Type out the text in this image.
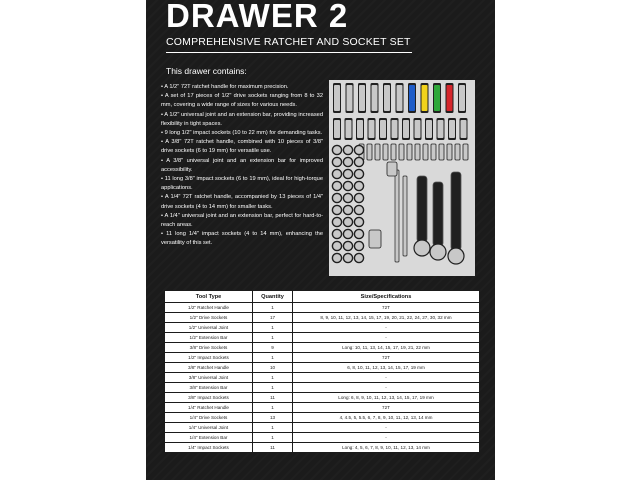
DRAWER 2
COMPREHENSIVE RATCHET AND SOCKET SET
This drawer contains:
• A 1/2" 72T ratchet handle for maximum precision.
• A set of 17 pieces of 1/2" drive sockets ranging from 8 to 32 mm, covering a wide range of sizes for various needs.
• A 1/2" universal joint and an extension bar, providing increased flexibility in tight spaces.
• 9 long 1/2" impact sockets (10 to 22 mm) for demanding tasks.
• A 3/8" 72T ratchet handle, combined with 10 pieces of 3/8" drive sockets (6 to 19 mm) for versatile use.
• A 3/8" universal joint and an extension bar for improved accessibility.
• 11 long 3/8" impact sockets (6 to 19 mm), ideal for high-torque applications.
• A 1/4" 72T ratchet handle, accompanied by 13 pieces of 1/4" drive sockets (4 to 14 mm) for smaller tasks.
• A 1/4" universal joint and an extension bar, perfect for hard-to-reach areas.
• 11 long 1/4" impact sockets (4 to 14 mm), enhancing the versatility of this set.
Tool Type	Quantity	Size/Specifications
1/2" Ratchet Handle	1	72T
1/2" Drive Sockets	17	8, 9, 10, 11, 12, 13, 14, 15, 17, 19, 20, 21, 22, 24, 27, 30, 32 mm
1/2" Universal Joint	1	-
1/2" Extension Bar	1	-
3/8" Drive Sockets	9	Long: 10, 11, 13, 14, 15, 17, 19, 21, 22 mm
1/2" Impact Sockets	1	72T
3/8" Ratchet Handle	10	6, 8, 10, 11, 12, 13, 14, 15, 17, 19 mm
3/8" Universal Joint	1	-
3/8" Extension Bar	1	-
3/8" Impact Sockets	11	Long: 6, 8, 9, 10, 11, 12, 13, 14, 15, 17, 19 mm
1/4" Ratchet Handle	1	72T
1/4" Drive Sockets	13	4, 4.5, 5, 5.5, 6, 7, 8, 9, 10, 11, 12, 13, 14 mm
1/4" Universal Joint	1	-
1/4" Extension Bar	1	-
1/4" Impact Sockets	11	Long: 4, 5, 6, 7, 8, 9, 10, 11, 12, 13, 14 mm
